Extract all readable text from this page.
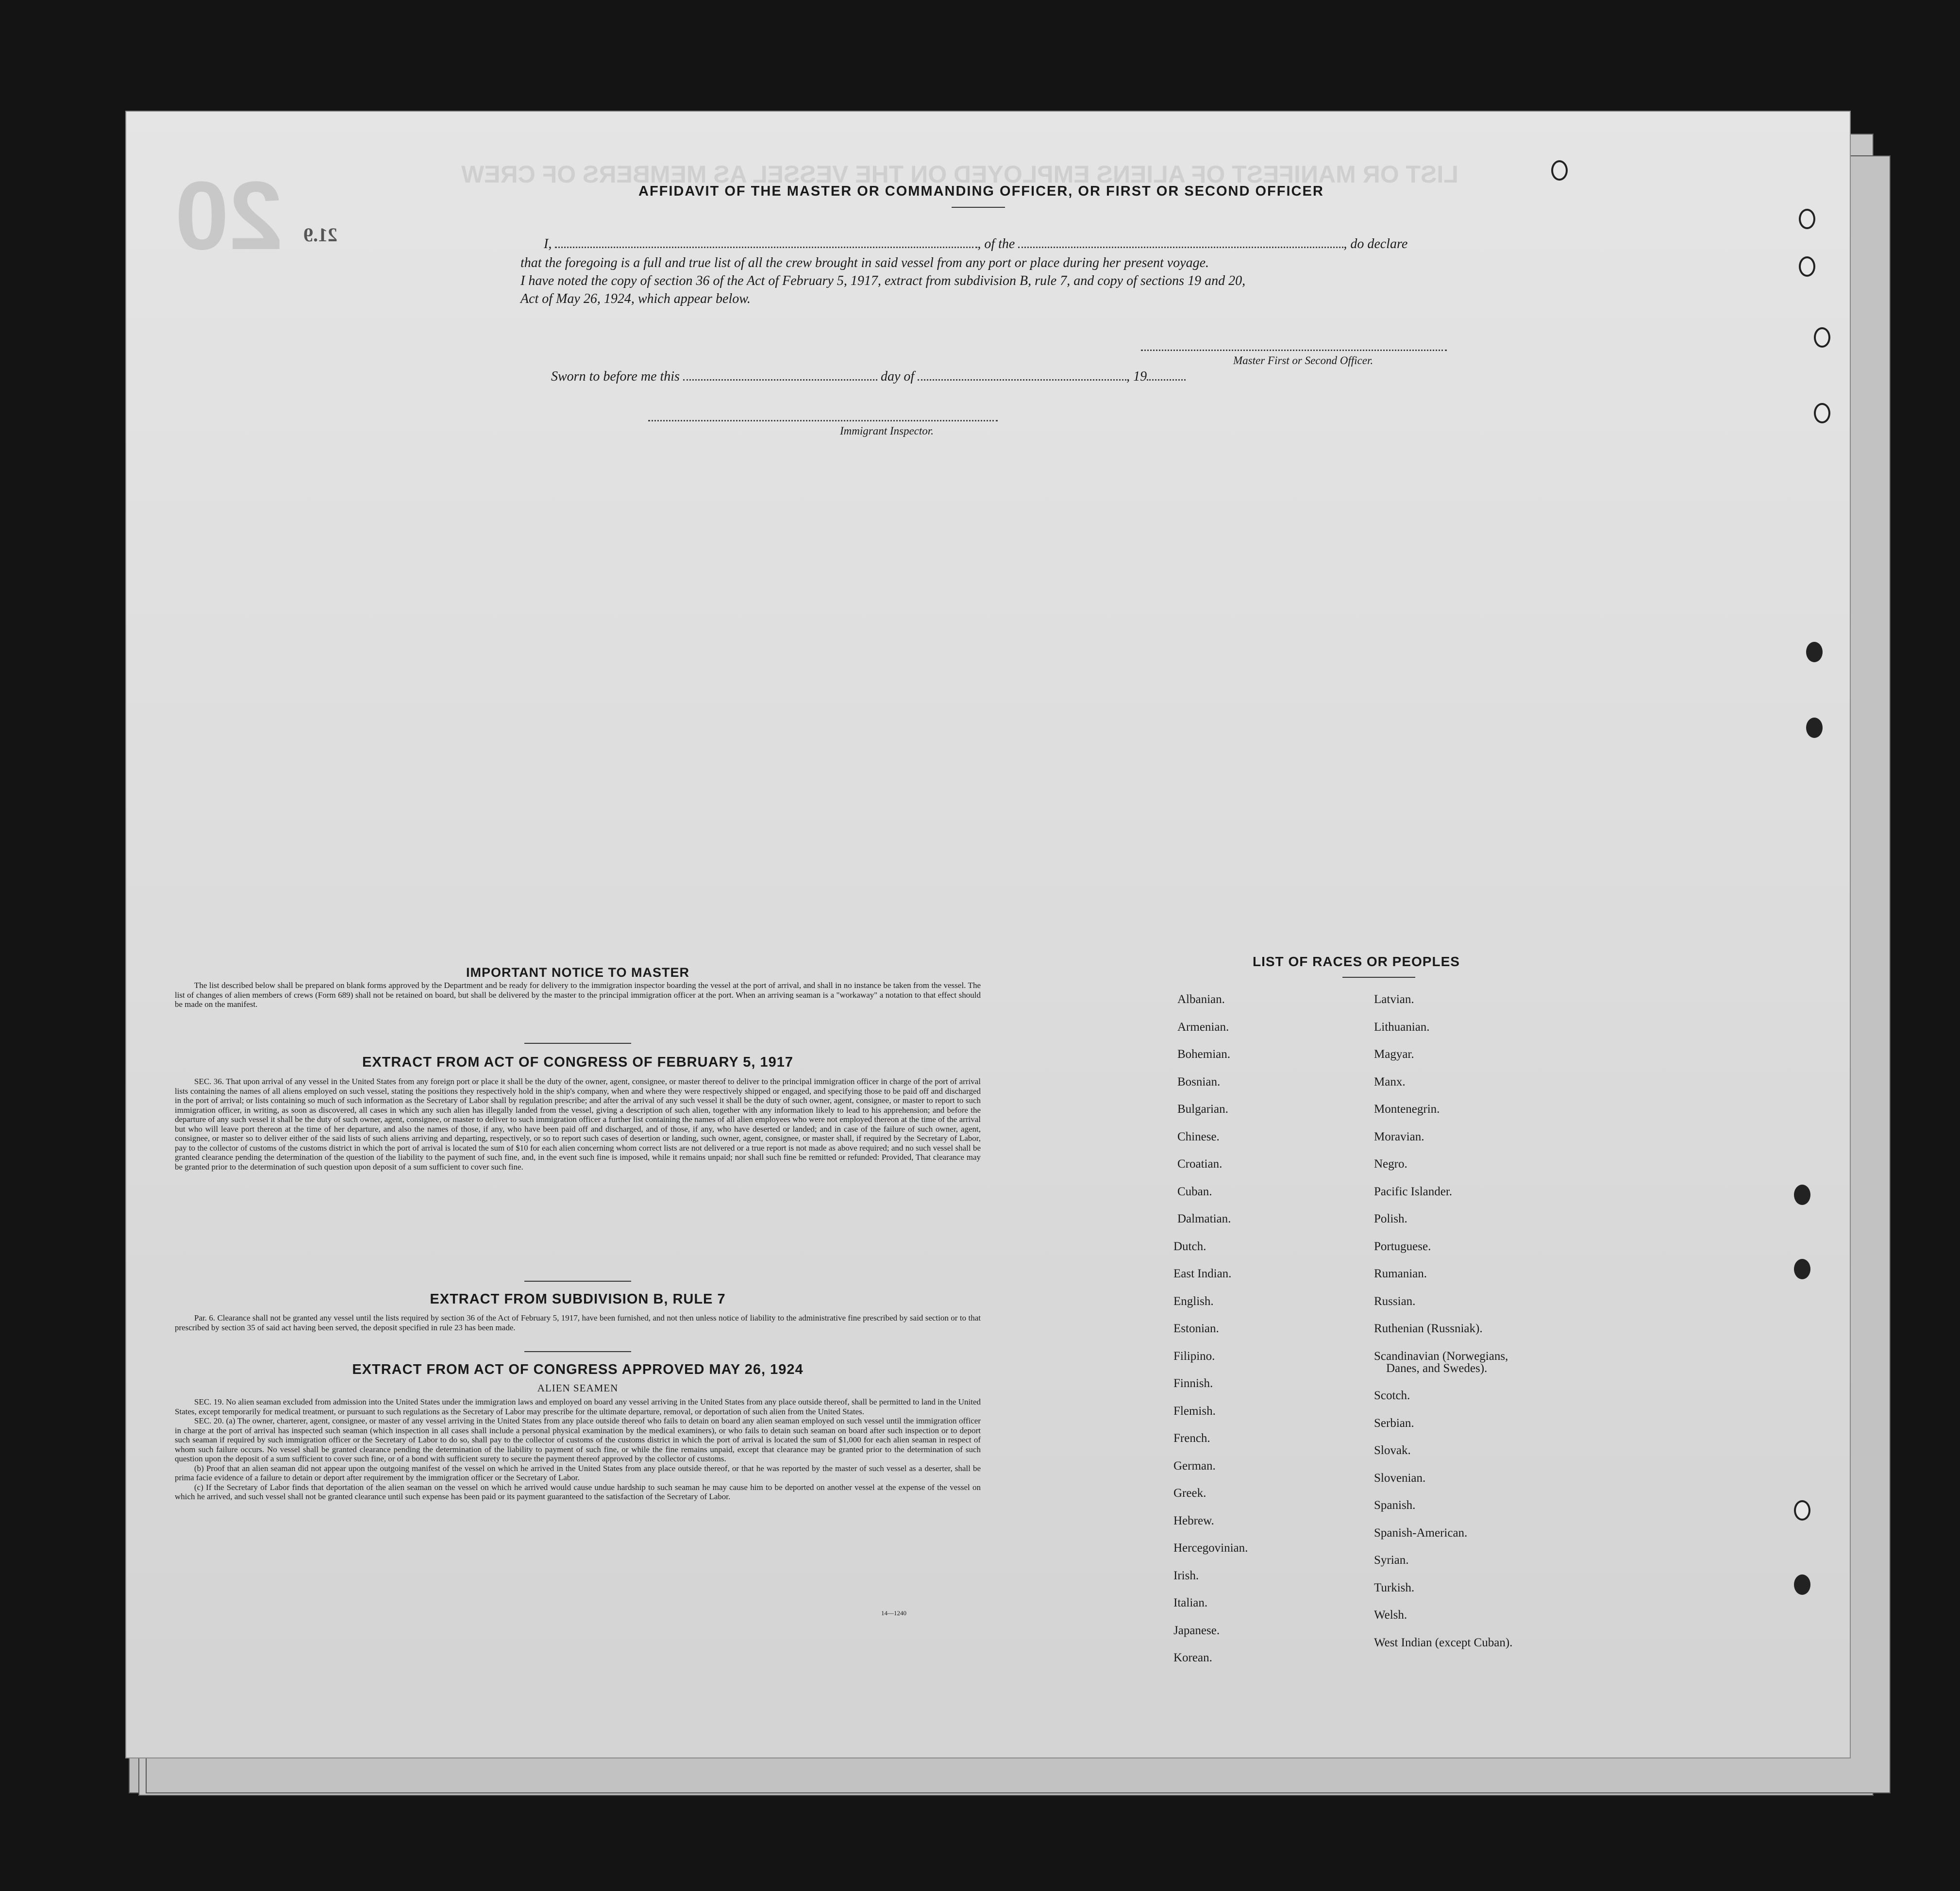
LIST OR MANIFEST OF ALIENS EMPLOYED ON THE VESSEL AS MEMBERS OF CREW
20 21.9
AFFIDAVIT OF THE MASTER OR COMMANDING OFFICER, OR FIRST OR SECOND OFFICER
I,	, of the	, do declare
that the foregoing is a full and true list of all the crew brought in said vessel from any port or place during her present voyage.
I have noted the copy of section 36 of the Act of February 5, 1917, extract from subdivision B, rule 7, and copy of sections 19 and 20,
Act of May 26, 1924, which appear below.
Master First or Second Officer.
Sworn to before me this	day of	, 19
Immigrant Inspector.
IMPORTANT NOTICE TO MASTER

The list described below shall be prepared on blank forms approved by the Department and be ready for delivery to the immigration inspector boarding the vessel at the port of arrival, and shall in no instance be taken from the vessel. The list of changes of alien members of crews (Form 689) shall not be retained on board, but shall be delivered by the master to the principal immigration officer at the port. When an arriving seaman is a "workaway" a notation to that effect should be made on the manifest.

EXTRACT FROM ACT OF CONGRESS OF FEBRUARY 5, 1917

SEC. 36. That upon arrival of any vessel in the United States from any foreign port or place it shall be the duty of the owner, agent, consignee, or master thereof to deliver to the principal immigration officer in charge of the port of arrival lists containing the names of all aliens employed on such vessel, stating the positions they respectively hold in the ship's company, when and where they were respectively shipped or engaged, and specifying those to be paid off and discharged in the port of arrival; or lists containing so much of such information as the Secretary of Labor shall by regulation prescribe; and after the arrival of any such vessel it shall be the duty of such owner, agent, consignee, or master to report to such immigration officer, in writing, as soon as discovered, all cases in which any such alien has illegally landed from the vessel, giving a description of such alien, together with any information likely to lead to his apprehension; and before the departure of any such vessel it shall be the duty of such owner, agent, consignee, or master to deliver to such immigration officer a further list containing the names of all alien employees who were not employed thereon at the time of the arrival but who will leave port thereon at the time of her departure, and also the names of those, if any, who have been paid off and discharged, and of those, if any, who have deserted or landed; and in case of the failure of such owner, agent, consignee, or master so to deliver either of the said lists of such aliens arriving and departing, respectively, or so to report such cases of desertion or landing, such owner, agent, consignee, or master shall, if required by the Secretary of Labor, pay to the collector of customs of the customs district in which the port of arrival is located the sum of $10 for each alien concerning whom correct lists are not delivered or a true report is not made as above required; and no such vessel shall be granted clearance pending the determination of the question of the liability to the payment of such fine, and, in the event such fine is imposed, while it remains unpaid; nor shall such fine be remitted or refunded: Provided, That clearance may be granted prior to the determination of such question upon deposit of a sum sufficient to cover such fine.

EXTRACT FROM SUBDIVISION B, RULE 7

Par. 6. Clearance shall not be granted any vessel until the lists required by section 36 of the Act of February 5, 1917, have been furnished, and not then unless notice of liability to the administrative fine prescribed by said section or to that prescribed by section 35 of said act having been served, the deposit specified in rule 23 has been made.

EXTRACT FROM ACT OF CONGRESS APPROVED MAY 26, 1924
ALIEN SEAMEN

SEC. 19. No alien seaman excluded from admission into the United States under the immigration laws and employed on board any vessel arriving in the United States from any place outside thereof, shall be permitted to land in the United States, except temporarily for medical treatment, or pursuant to such regulations as the Secretary of Labor may prescribe for the ultimate departure, removal, or deportation of such alien from the United States.

SEC. 20. (a) The owner, charterer, agent, consignee, or master of any vessel arriving in the United States from any place outside thereof who fails to detain on board any alien seaman employed on such vessel until the immigration officer in charge at the port of arrival has inspected such seaman (which inspection in all cases shall include a personal physical examination by the medical examiners), or who fails to detain such seaman on board after such inspection or to deport such seaman if required by such immigration officer or the Secretary of Labor to do so, shall pay to the collector of customs of the customs district in which the port of arrival is located the sum of $1,000 for each alien seaman in respect of whom such failure occurs. No vessel shall be granted clearance pending the determination of the liability to payment of such fine, or while the fine remains unpaid, except that clearance may be granted prior to the determination of such question upon the deposit of a sum sufficient to cover such fine, or of a bond with sufficient surety to secure the payment thereof approved by the collector of customs.

(b) Proof that an alien seaman did not appear upon the outgoing manifest of the vessel on which he arrived in the United States from any place outside thereof, or that he was reported by the master of such vessel as a deserter, shall be prima facie evidence of a failure to detain or deport after requirement by the immigration officer or the Secretary of Labor.

(c) If the Secretary of Labor finds that deportation of the alien seaman on the vessel on which he arrived would cause undue hardship to such seaman he may cause him to be deported on another vessel at the expense of the vessel on which he arrived, and such vessel shall not be granted clearance until such expense has been paid or its payment guaranteed to the satisfaction of the Secretary of Labor.

14—1240
LIST OF RACES OR PEOPLES
Albanian.
Armenian.
Bohemian.
Bosnian.
Bulgarian.
Chinese.
Croatian.
Cuban.
Dalmatian.
Dutch.
East Indian.
English.
Estonian.
Filipino.
Finnish.
Flemish.
French.
German.
Greek.
Hebrew.
Hercegovinian.
Irish.
Italian.
Japanese.
Korean.
Latvian.
Lithuanian.
Magyar.
Manx.
Montenegrin.
Moravian.
Negro.
Pacific Islander.
Polish.
Portuguese.
Rumanian.
Russian.
Ruthenian (Russniak).
Scandinavian (Norwegians,
Danes, and Swedes).
Scotch.
Serbian.
Slovak.
Slovenian.
Spanish.
Spanish-American.
Syrian.
Turkish.
Welsh.
West Indian (except Cuban).
